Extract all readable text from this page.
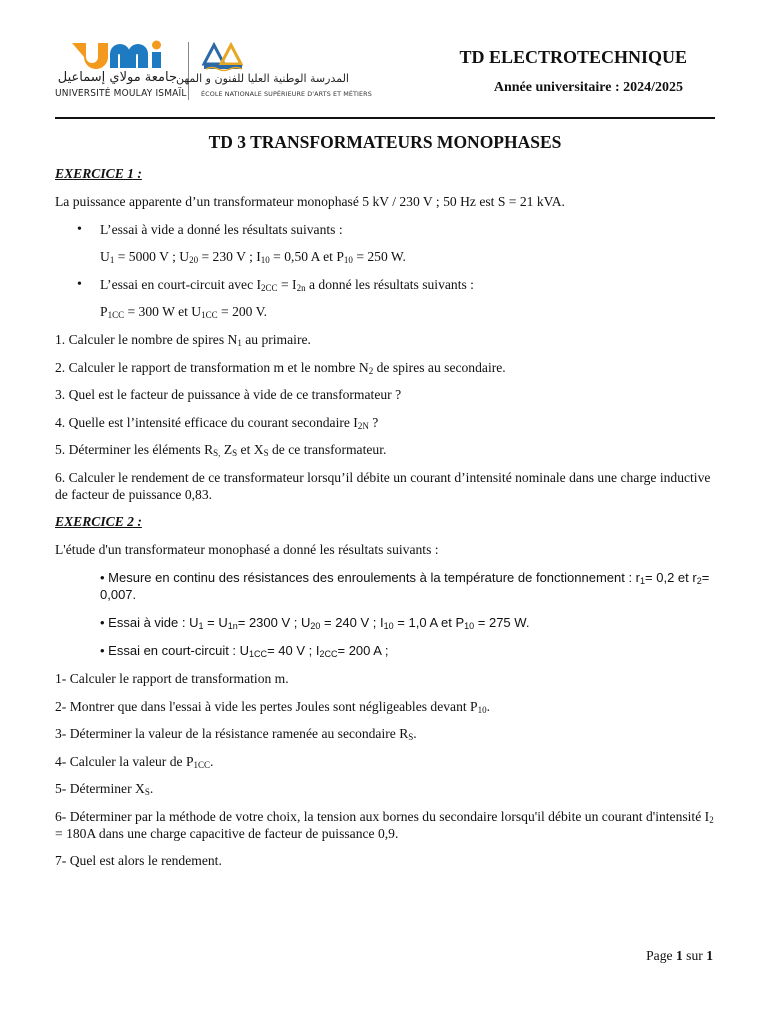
جامعة مولاي إسماعيل
UNIVERSITÉ MOULAY ISMAÏL
المدرسة الوطنية العليا للفنون و المهن
ÉCOLE NATIONALE SUPÉRIEURE D'ARTS ET MÉTIERS
TD ELECTROTECHNIQUE
Année universitaire : 2024/2025
TD 3 TRANSFORMATEURS MONOPHASES
EXERCICE 1 :

La puissance apparente d’un transformateur monophasé 5 kV / 230 V ; 50 Hz est S = 21 kVA.

• L’essai à vide a donné les résultats suivants :
$U_1 = 5000$ V ; $U_{20} = 230$ V ; $I_{10} = 0,50$ A et $P_{10} = 250$ W.
• L’essai en court-circuit avec $I_{2CC} = I_{2n}$ a donné les résultats suivants :
$P_{1CC} = 300$ W et $U_{1CC} = 200$ V.

1. Calculer le nombre de spires $N_1$ au primaire.

2. Calculer le rapport de transformation m et le nombre $N_2$ de spires au secondaire.

3. Quel est le facteur de puissance à vide de ce transformateur ?

4. Quelle est l’intensité efficace du courant secondaire $I_{2N}$ ?

5. Déterminer les éléments $R_{S,}$ $Z_S$ et $X_S$ de ce transformateur.

6. Calculer le rendement de ce transformateur lorsqu’il débite un courant d’intensité nominale dans une charge inductive de facteur de puissance 0,83.

EXERCICE 2 :

L'étude d'un transformateur monophasé a donné les résultats suivants :

• Mesure en continu des résistances des enroulements à la température de fonctionnement : $r_1= 0,2$ et $r_2= 0,007$.
• Essai à vide : $U_1 = U_{1n}= 2300$ V ; $U_{20} = 240$ V ; $I_{10} = 1,0$ A et $P_{10} = 275$ W.
• Essai en court-circuit : $U_{1CC}= 40$ V ; $I_{2CC}= 200$ A ;

1- Calculer le rapport de transformation m.

2- Montrer que dans l'essai à vide les pertes Joules sont négligeables devant $P_{10}$.

3- Déterminer la valeur de la résistance ramenée au secondaire $R_S$.

4- Calculer la valeur de $P_{1CC}$.

5- Déterminer $X_S$.

6- Déterminer par la méthode de votre choix, la tension aux bornes du secondaire lorsqu'il débite un courant d'intensité $I_2 = 180A$ dans une charge capacitive de facteur de puissance 0,9.

7- Quel est alors le rendement.

Page 1 sur 1
